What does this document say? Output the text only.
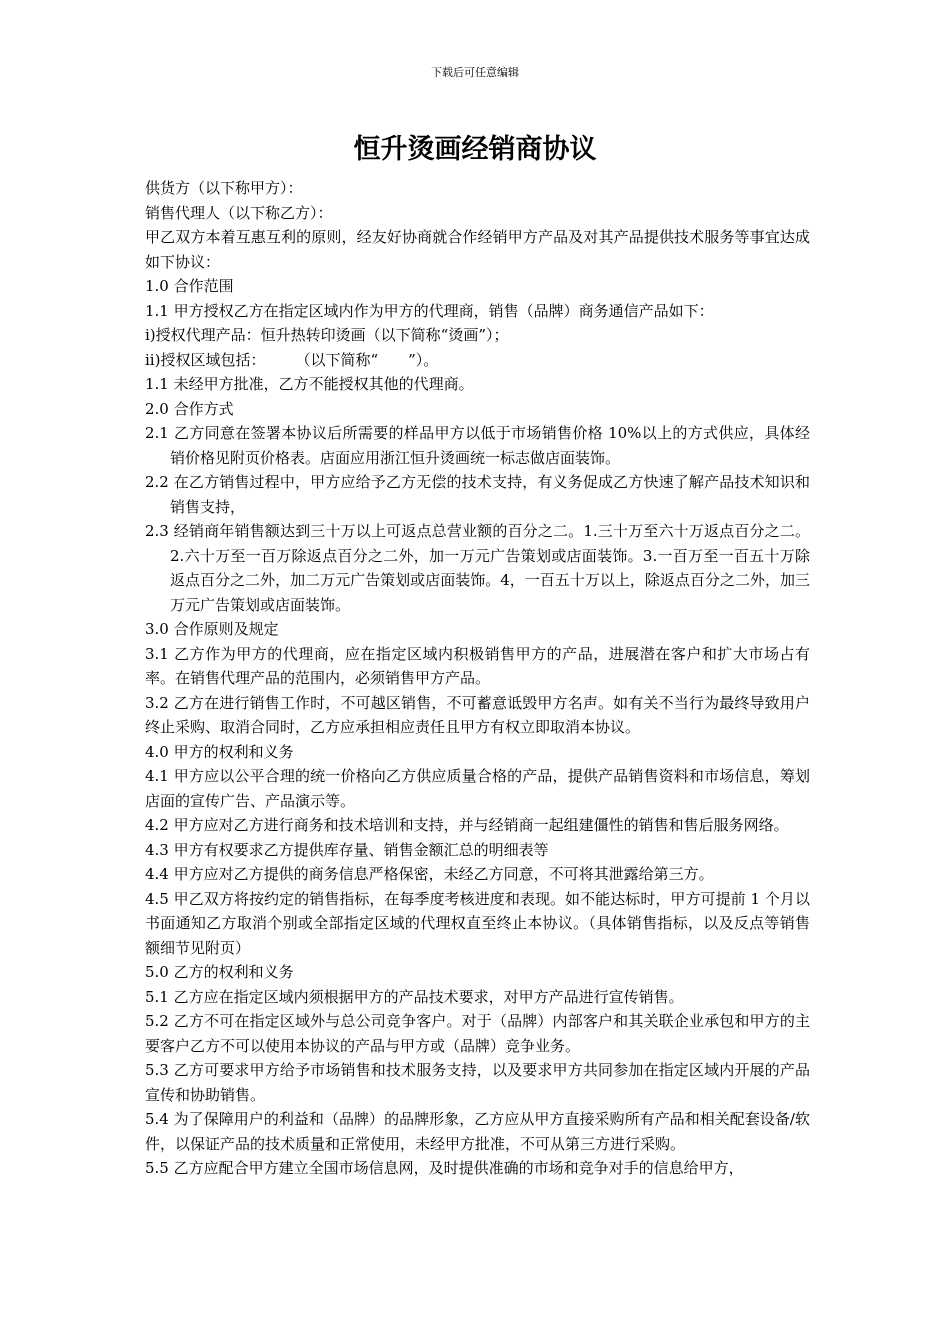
下载后可任意编辑
恒升烫画经销商协议

供货方（以下称甲方）：

销售代理人（以下称乙方）：

甲乙双方本着互惠互利的原则，经友好协商就合作经销甲方产品及对其产品提供技术服务等事宜达成如下协议：

1.0 合作范围

1.1 甲方授权乙方在指定区域内作为甲方的代理商，销售（品牌）商务通信产品如下：

i)授权代理产品：恒升热转印烫画（以下简称“烫画”）；

ii)授权区域包括：　　　（以下简称“　　”）。

1.1 未经甲方批准，乙方不能授权其他的代理商。

2.0 合作方式

2.1 乙方同意在签署本协议后所需要的样品甲方以低于市场销售价格 10%以上的方式供应，具体经销价格见附页价格表。店面应用浙江恒升烫画统一标志做店面装饰。

2.2 在乙方销售过程中，甲方应给予乙方无偿的技术支持，有义务促成乙方快速了解产品技术知识和销售支持，

2.3 经销商年销售额达到三十万以上可返点总营业额的百分之二。1.三十万至六十万返点百分之二。2.六十万至一百万除返点百分之二外，加一万元广告策划或店面装饰。3.一百万至一百五十万除返点百分之二外，加二万元广告策划或店面装饰。4，一百五十万以上，除返点百分之二外，加三万元广告策划或店面装饰。

3.0 合作原则及规定

3.1 乙方作为甲方的代理商，应在指定区域内积极销售甲方的产品，进展潜在客户和扩大市场占有率。在销售代理产品的范围内，必须销售甲方产品。

3.2 乙方在进行销售工作时，不可越区销售，不可蓄意诋毁甲方名声。如有关不当行为最终导致用户终止采购、取消合同时，乙方应承担相应责任且甲方有权立即取消本协议。

4.0 甲方的权利和义务

4.1 甲方应以公平合理的统一价格向乙方供应质量合格的产品，提供产品销售资料和市场信息，筹划店面的宣传广告、产品演示等。

4.2 甲方应对乙方进行商务和技术培训和支持，并与经销商一起组建僵性的销售和售后服务网络。

4.3 甲方有权要求乙方提供库存量、销售金额汇总的明细表等

4.4 甲方应对乙方提供的商务信息严格保密，未经乙方同意，不可将其泄露给第三方。

4.5 甲乙双方将按约定的销售指标，在每季度考核进度和表现。如不能达标时，甲方可提前 1 个月以书面通知乙方取消个别或全部指定区域的代理权直至终止本协议。（具体销售指标，以及反点等销售额细节见附页）

5.0 乙方的权利和义务

5.1 乙方应在指定区域内须根据甲方的产品技术要求，对甲方产品进行宣传销售。

5.2 乙方不可在指定区域外与总公司竞争客户。对于（品牌）内部客户和其关联企业承包和甲方的主要客户乙方不可以使用本协议的产品与甲方或（品牌）竞争业务。

5.3 乙方可要求甲方给予市场销售和技术服务支持，以及要求甲方共同参加在指定区域内开展的产品宣传和协助销售。

5.4 为了保障用户的利益和（品牌）的品牌形象，乙方应从甲方直接采购所有产品和相关配套设备/软件，以保证产品的技术质量和正常使用，未经甲方批准，不可从第三方进行采购。

5.5 乙方应配合甲方建立全国市场信息网，及时提供准确的市场和竞争对手的信息给甲方，
